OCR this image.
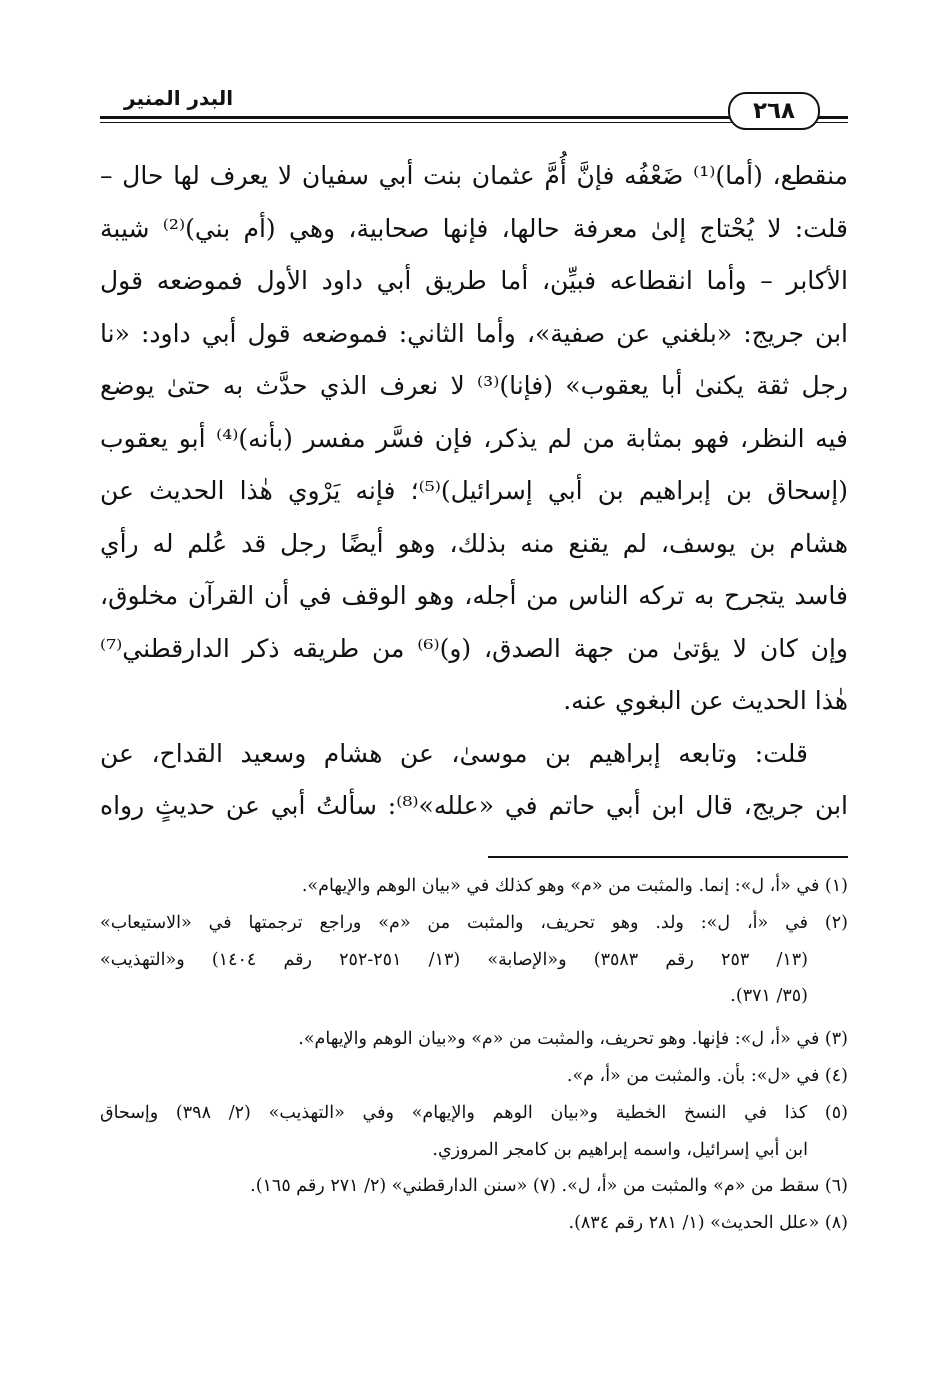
٢٦٨
البدر المنير
منقطع، (أما)⁽¹⁾ ضَعْفُه فإنَّ أُمَّ عثمان بنت أبي سفيان لا يعرف لها حال –
قلت: لا يُحْتاج إلىٰ معرفة حالها، فإنها صحابية، وهي (أم بني)⁽²⁾ شيبة
الأكابر – وأما انقطاعه فبيِّن، أما طريق أبي داود الأول فموضعه قول
ابن جريج: «بلغني عن صفية»، وأما الثاني: فموضعه قول أبي داود: «نا
رجل ثقة يكنىٰ أبا يعقوب» (فإنا)⁽³⁾ لا نعرف الذي حدَّث به حتىٰ يوضع
فيه النظر، فهو بمثابة من لم يذكر، فإن فسَّر مفسر (بأنه)⁽⁴⁾ أبو يعقوب
(إسحاق بن إبراهيم بن أبي إسرائيل)⁽⁵⁾؛ فإنه يَرْوي هٰذا الحديث عن
هشام بن يوسف، لم يقنع منه بذلك، وهو أيضًا رجل قد عُلم له رأي
فاسد يتجرح به تركه الناس من أجله، وهو الوقف في أن القرآن مخلوق،
وإن كان لا يؤتىٰ من جهة الصدق، (و)⁽⁶⁾ من طريقه ذكر الدارقطني⁽⁷⁾
هٰذا الحديث عن البغوي عنه.
قلت: وتابعه إبراهيم بن موسىٰ، عن هشام وسعيد القداح، عن
ابن جريج، قال ابن أبي حاتم في «علله»⁽⁸⁾: سألتُ أبي عن حديثٍ رواه
(١) في «أ، ل»: إنما. والمثبت من «م» وهو كذلك في «بيان الوهم والإيهام».
(٢) في «أ، ل»: ولد. وهو تحريف، والمثبت من «م» وراجع ترجمتها في «الاستيعاب»
(١٣/ ٢٥٣ رقم ٣٥٨٣) و«الإصابة» (١٣/ ٢٥١-٢٥٢ رقم ١٤٠٤) و«التهذيب»
(٣٥/ ٣٧١).
(٣) في «أ، ل»: فإنها. وهو تحريف، والمثبت من «م» و«بيان الوهم والإيهام».
(٤) في «ل»: بأن. والمثبت من «أ، م».
(٥) كذا في النسخ الخطية و«بيان الوهم والإيهام» وفي «التهذيب» (٢/ ٣٩٨) وإسحاق
ابن أبي إسرائيل، واسمه إبراهيم بن كامجر المروزي.
(٦) سقط من «م» والمثبت من «أ، ل». (٧) «سنن الدارقطني» (٢/ ٢٧١ رقم ١٦٥).
(٨) «علل الحديث» (١/ ٢٨١ رقم ٨٣٤).
